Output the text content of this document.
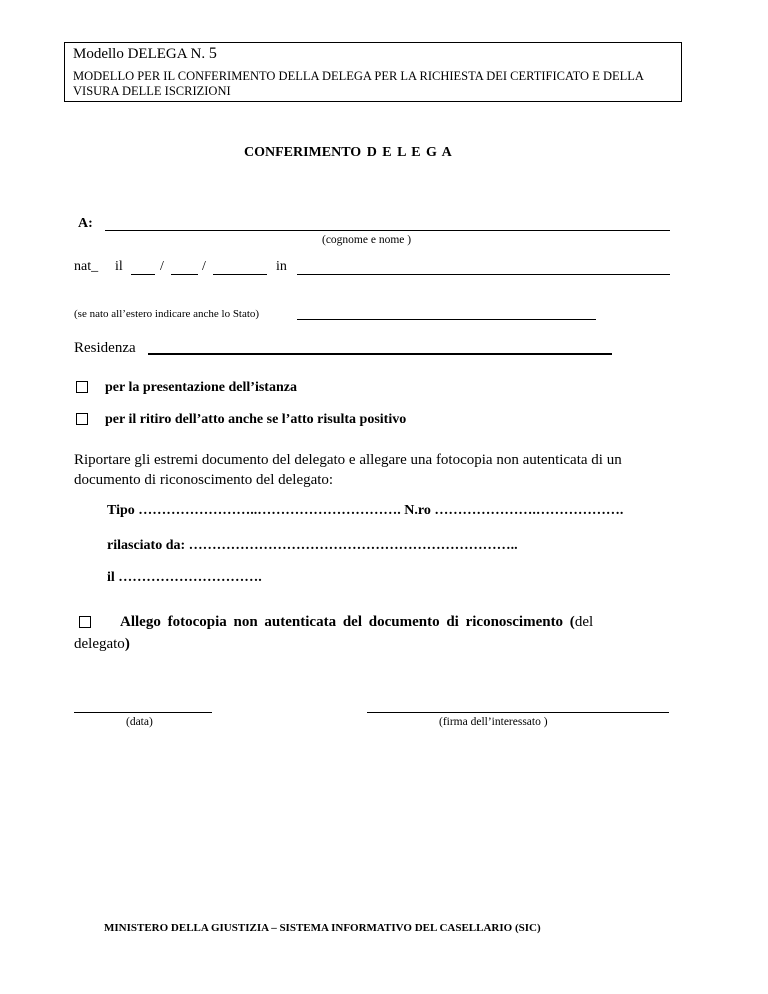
Modello DELEGA N. 5
MODELLO PER IL CONFERIMENTO DELLA DELEGA PER LA RICHIESTA DEI CERTIFICATO E DELLA VISURA DELLE ISCRIZIONI
CONFERIMENTO D E L E G A
A:
(cognome e nome )
nat_ il	/	/	in
(se nato all’estero indicare anche lo Stato)
Residenza
per la presentazione dell’istanza
per il ritiro dell’atto anche se l’atto risulta positivo
Riportare gli estremi documento del delegato e allegare una fotocopia non autenticata di un documento di riconoscimento del delegato:
Tipo ……………………..…………………………. N.ro ………………….……………….
rilasciato da: ……………………………………………………………..
il ………………………….
Allego fotocopia non autenticata del documento di riconoscimento (del
delegato)
(data)	(firma dell’interessato )
MINISTERO DELLA GIUSTIZIA – SISTEMA INFORMATIVO DEL CASELLARIO (SIC)
